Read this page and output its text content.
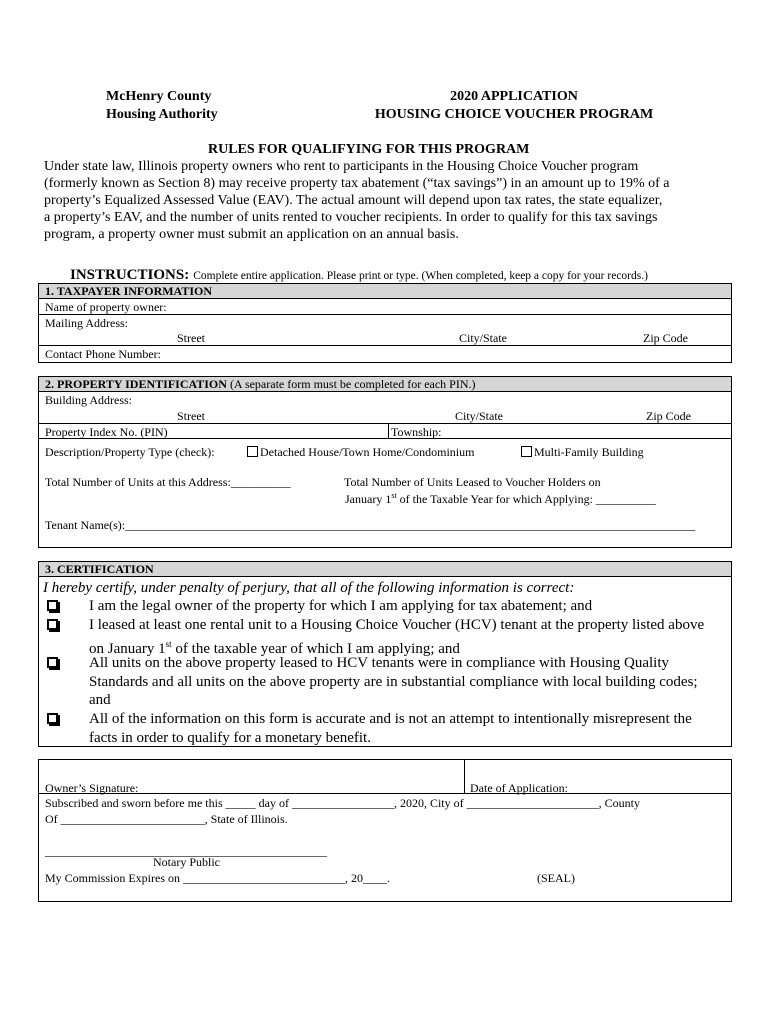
McHenry County
Housing Authority
2020 APPLICATION
HOUSING CHOICE VOUCHER PROGRAM
RULES FOR QUALIFYING FOR THIS PROGRAM

Under state law, Illinois property owners who rent to participants in the Housing Choice Voucher program

(formerly known as Section 8) may receive property tax abatement (“tax savings”) in an amount up to 19% of a

property’s Equalized Assessed Value (EAV). The actual amount will depend upon tax rates, the state equalizer,

a property’s EAV, and the number of units rented to voucher recipients. In order to qualify for this tax savings

program, a property owner must submit an application on an annual basis.

INSTRUCTIONS: Complete entire application. Please print or type. (When completed, keep a copy for your records.)
1. TAXPAYER INFORMATION
Name of property owner:
Mailing Address:
Street	City/State	Zip Code
Contact Phone Number:
2. PROPERTY IDENTIFICATION (A separate form must be completed for each PIN.)
Building Address:
Street	City/State	Zip Code
Property Index No. (PIN)	Township:
Description/Property Type (check):	Detached House/Town Home/Condominium	Multi-Family Building
Total Number of Units at this Address:__________	Total Number of Units Leased to Voucher Holders on
January 1st of the Taxable Year for which Applying: __________
Tenant Name(s):_______________________________________________________________________________________________
3. CERTIFICATION
I hereby certify, under penalty of perjury, that all of the following information is correct:
I am the legal owner of the property for which I am applying for tax abatement; and

I leased at least one rental unit to a Housing Choice Voucher (HCV) tenant at the property listed above

on January 1st of the taxable year of which I am applying; and

All units on the above property leased to HCV tenants were in compliance with Housing Quality

Standards and all units on the above property are in substantial compliance with local building codes;

and

All of the information on this form is accurate and is not an attempt to intentionally misrepresent the

facts in order to qualify for a monetary benefit.

Owner’s Signature:	Date of Application:
Subscribed and sworn before me this _____ day of _________________, 2020, City of ______________________, County
Of ________________________, State of Illinois.
_______________________________________________
Notary Public
My Commission Expires on ___________________________, 20____.	(SEAL)
